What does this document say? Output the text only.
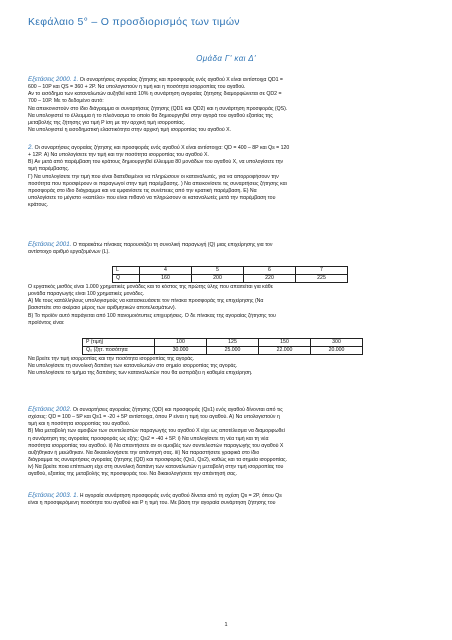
Κεφάλαιο 5° – Ο προσδιορισμός των τιμών
Ομάδα Γ' και Δ'
Εξετάσεις 2000. 1. Οι συναρτήσεις αγοραίας ζήτησης και προσφοράς ενός αγαθού Χ είναι αντίστοιχα QD1 =
600 – 10P και QS = 360 + 2P. Να υπολογιστούν η τιμή και η ποσότητα ισορροπίας του αγαθού.
Αν το εισόδημα των καταναλωτών αυξηθεί κατά 10% η συνάρτηση αγοραίας ζήτησης διαμορφώνεται σε QD2 =
700 – 10P. Με το δεδομένο αυτό:
Να απεικονιστούν στο ίδιο διάγραμμα οι συναρτήσεις ζήτησης (QD1 και QD2) και η συνάρτηση προσφοράς (QS).
Να υπολογιστεί το έλλειμμα ή το πλεόνασμα το οποίο θα δημιουργηθεί στην αγορά του αγαθού εξαιτίας της
μεταβολής της ζήτησης για τιμή P ίση με την αρχική τιμή ισορροπίας.
Να υπολογιστεί η εισοδηματική ελαστικότητα στην αρχική τιμή ισορροπίας του αγαθού Χ.
2. Οι συναρτήσεις αγοραίας ζήτησης και προσφοράς ενός αγαθού Χ είναι αντίστοιχα: QD = 400 – 8P και Qs = 120
+ 12P. Α) Να υπολογίσετε την τιμή και την ποσότητα ισορροπίας του αγαθού Χ.
Β) Αν μετά από παρέμβαση του κράτους δημιουργηθεί έλλειμμα 80 μονάδων του αγαθού Χ, να υπολογίσετε την
τιμή παρέμβασης.
Γ) Να υπολογίσετε την τιμή που είναι διατεθειμένοι να πληρώσουν οι καταναλωτές, για να απορροφήσουν την
ποσότητα που προσφέρουν οι παραγωγοί στην τιμή παρέμβασης. ) Να απεικονίσετε τις συναρτήσεις ζήτησης και
προσφοράς στο ίδιο διάγραμμα και να εμφανίσετε τις συνέπειες από την κρατική παρέμβαση. Ε) Να
υπολογίσετε το μέγιστο «καπέλο» που είναι πιθανό να πληρώσουν οι καταναλωτές μετά την παρέμβαση του
κράτους.
Εξετάσεις 2001. Ο παρακάτω πίνακας παρουσιάζει τη συνολική παραγωγή (Q) μιας επιχείρησης για τον
αντίστοιχο αριθμό εργαζομένων (L).
L	4	5	6	7
Q	160	200	220	225
Ο εργατικός μισθός είναι 1.000 χρηματικές μονάδες και το κόστος της πρώτης ύλης που απαιτείται για κάθε
μονάδα παραγωγής είναι 100 χρηματικές μονάδες.
Α) Με τους κατάλληλους υπολογισμούς να κατασκευάσετε τον πίνακα προσφοράς της επιχείρησης (Να
βασιστείτε στο ακέραιο μέρος των αριθμητικών αποτελεσμάτων).
Β) Το προϊόν αυτό παράγεται από 100 πανομοιότυπες επιχειρήσεις. Ο δε πίνακας της αγοραίας ζήτησης του
προϊόντος είναι:
P (τιμή)	100	125	150	300
Q₀ (ζητ. ποσότητα	30.000	25.000	22.000	20.000
Να βρείτε την τιμή ισορροπίας και την ποσότητα ισορροπίας της αγοράς.
Να υπολογίσετε τη συνολική δαπάνη των καταναλωτών στο σημείο ισορροπίας της αγοράς.
Να υπολογίσετε το τμήμα της δαπάνης των καταναλωτών που θα εισπράξει η καθεμία επιχείρηση.
Εξετάσεις 2002. Οι συναρτήσεις αγοραίας ζήτησης (QD) και προσφοράς (Qs1) ενός αγαθού δίνονται από τις
σχέσεις: QD = 100 – 5P και Qs1 = -20 + 5P αντίστοιχα, όπου P είναι η τιμή του αγαθού. Α) Να υπολογιστούν η
τιμή και η ποσότητα ισορροπίας του αγαθού.
Β) Μια μεταβολή των αμοιβών των συντελεστών παραγωγής του αγαθού Χ είχε ως αποτέλεσμα να διαμορφωθεί
η συνάρτηση της αγοραίας προσφοράς ως εξής: Qs2 = -40 + 5P. i) Να υπολογίσετε τη νέα τιμή και τη νέα
ποσότητα ισορροπίας του αγαθού. ii) Να απαντήσετε αν οι αμοιβές των συντελεστών παραγωγής του αγαθού Χ
αυξήθηκαν ή μειώθηκαν. Να δικαιολογήσετε την απάντησή σας. iii) Να παραστήσετε γραφικά στο ίδιο
διάγραμμα τις συναρτήσεις αγοραίας ζήτησης (QD) και προσφοράς (Qs1, Qs2), καθώς και τα σημεία ισορροπίας.
iv) Να βρείτε ποια επίπτωση είχε στη συνολική δαπάνη των καταναλωτών η μεταβολή στην τιμή ισορροπίας του
αγαθού, εξαιτίας της μεταβολής της προσφοράς του. Να δικαιολογήσετε την απάντησή σας.
Εξετάσεις 2003. 1. Η αγοραία συνάρτηση προσφοράς ενός αγαθού δίνεται από τη σχέση Qs = 2P, όπου Qs
είναι η προσφερόμενη ποσότητα του αγαθού και P η τιμή του. Με βάση την αγοραία συνάρτηση ζήτησης του
1
